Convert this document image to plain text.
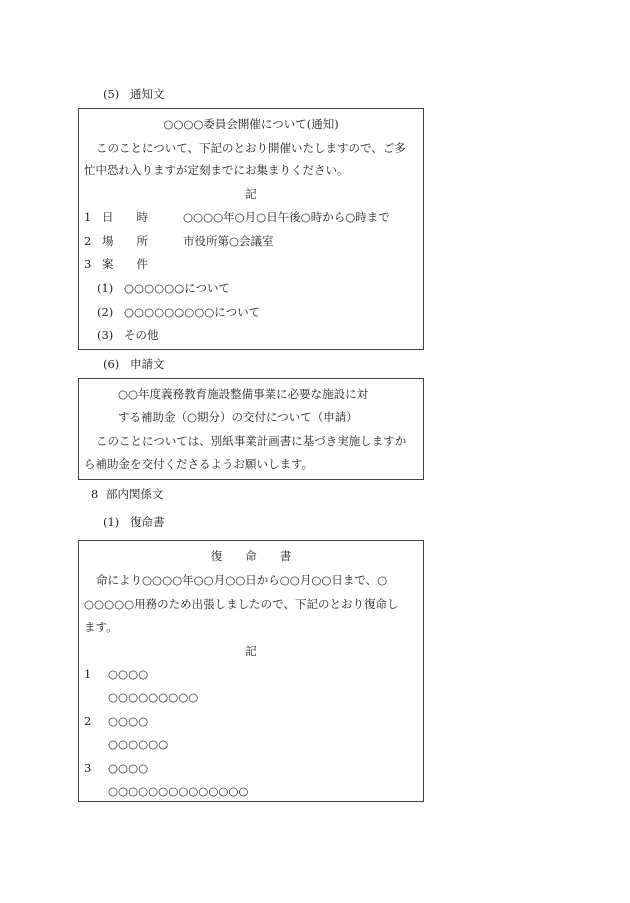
(5) 通知文
○○○○委員会開催について(通知)
このことについて、下記のとおり開催いたしますので、ご多
忙中恐れ入りますが定刻までにお集まりください。
記
1 日　　時	○○○○年○月○日午後○時から○時まで
2 場　　所	市役所第○会議室
3 案　　件
(1) ○○○○○○について
(2) ○○○○○○○○○について
(3) その他
(6) 申請文
○○年度義務教育施設整備事業に必要な施設に対
する補助金（○期分）の交付について（申請）
このことについては、別紙事業計画書に基づき実施しますか
ら補助金を交付くださるようお願いします。
8 部内関係文
(1) 復命書
復　　命　　書
命により○○○○年○○月○○日から○○月○○日まで、○
○○○○○用務のため出張しましたので、下記のとおり復命し
ます。
記
1 ○○○○
○○○○○○○○○
2 ○○○○
○○○○○○
3 ○○○○
○○○○○○○○○○○○○○
